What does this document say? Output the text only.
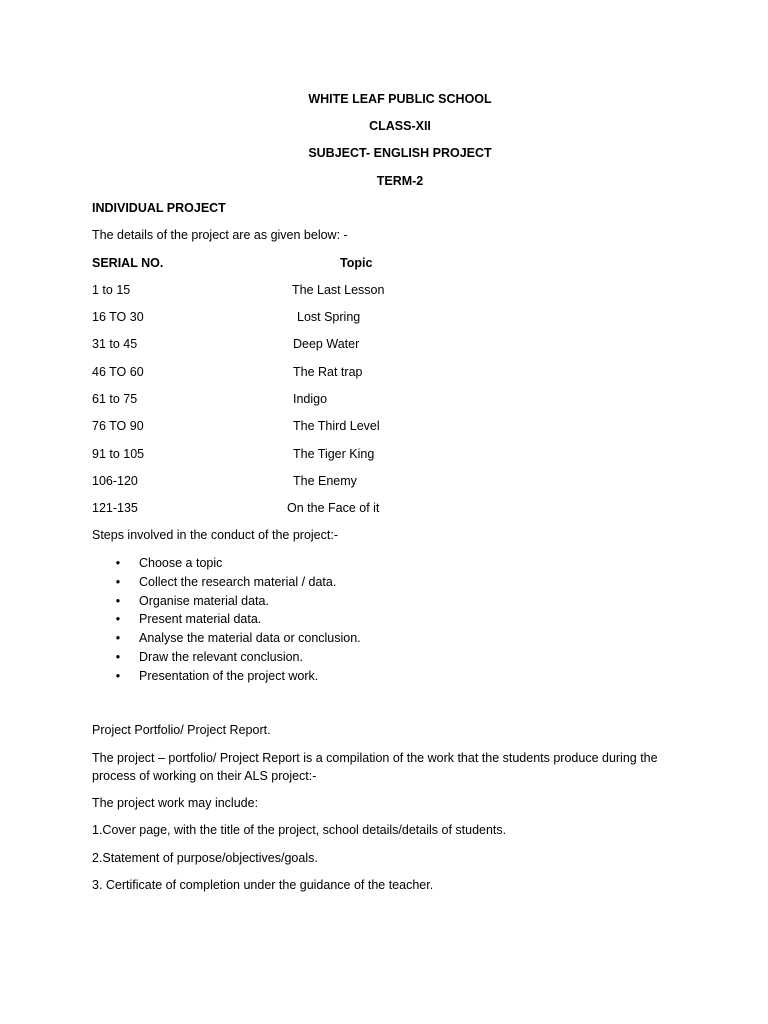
WHITE LEAF PUBLIC SCHOOL
CLASS-XII
SUBJECT- ENGLISH PROJECT
TERM-2
INDIVIDUAL PROJECT
The details of the project are as given below: -
SERIAL NO.	Topic
1 to 15	The Last Lesson
16 TO 30	Lost Spring
31 to 45	Deep Water
46 TO 60	The Rat trap
61 to 75	Indigo
76 TO 90	The Third Level
91 to 105	The Tiger King
106-120	The Enemy
121-135	On the Face of it
Steps involved in the conduct of the project:-
•	Choose a topic
•	Collect the research material / data.
•	Organise material data.
•	Present material data.
•	Analyse the material data or conclusion.
•	Draw the relevant conclusion.
•	Presentation of the project work.
Project Portfolio/ Project Report.
The project – portfolio/ Project Report is a compilation of the work that the students produce during the process of working on their ALS project:-
The project work may include:
1.Cover page, with the title of the project, school details/details of students.
2.Statement of purpose/objectives/goals.
3. Certificate of completion under the guidance of the teacher.
